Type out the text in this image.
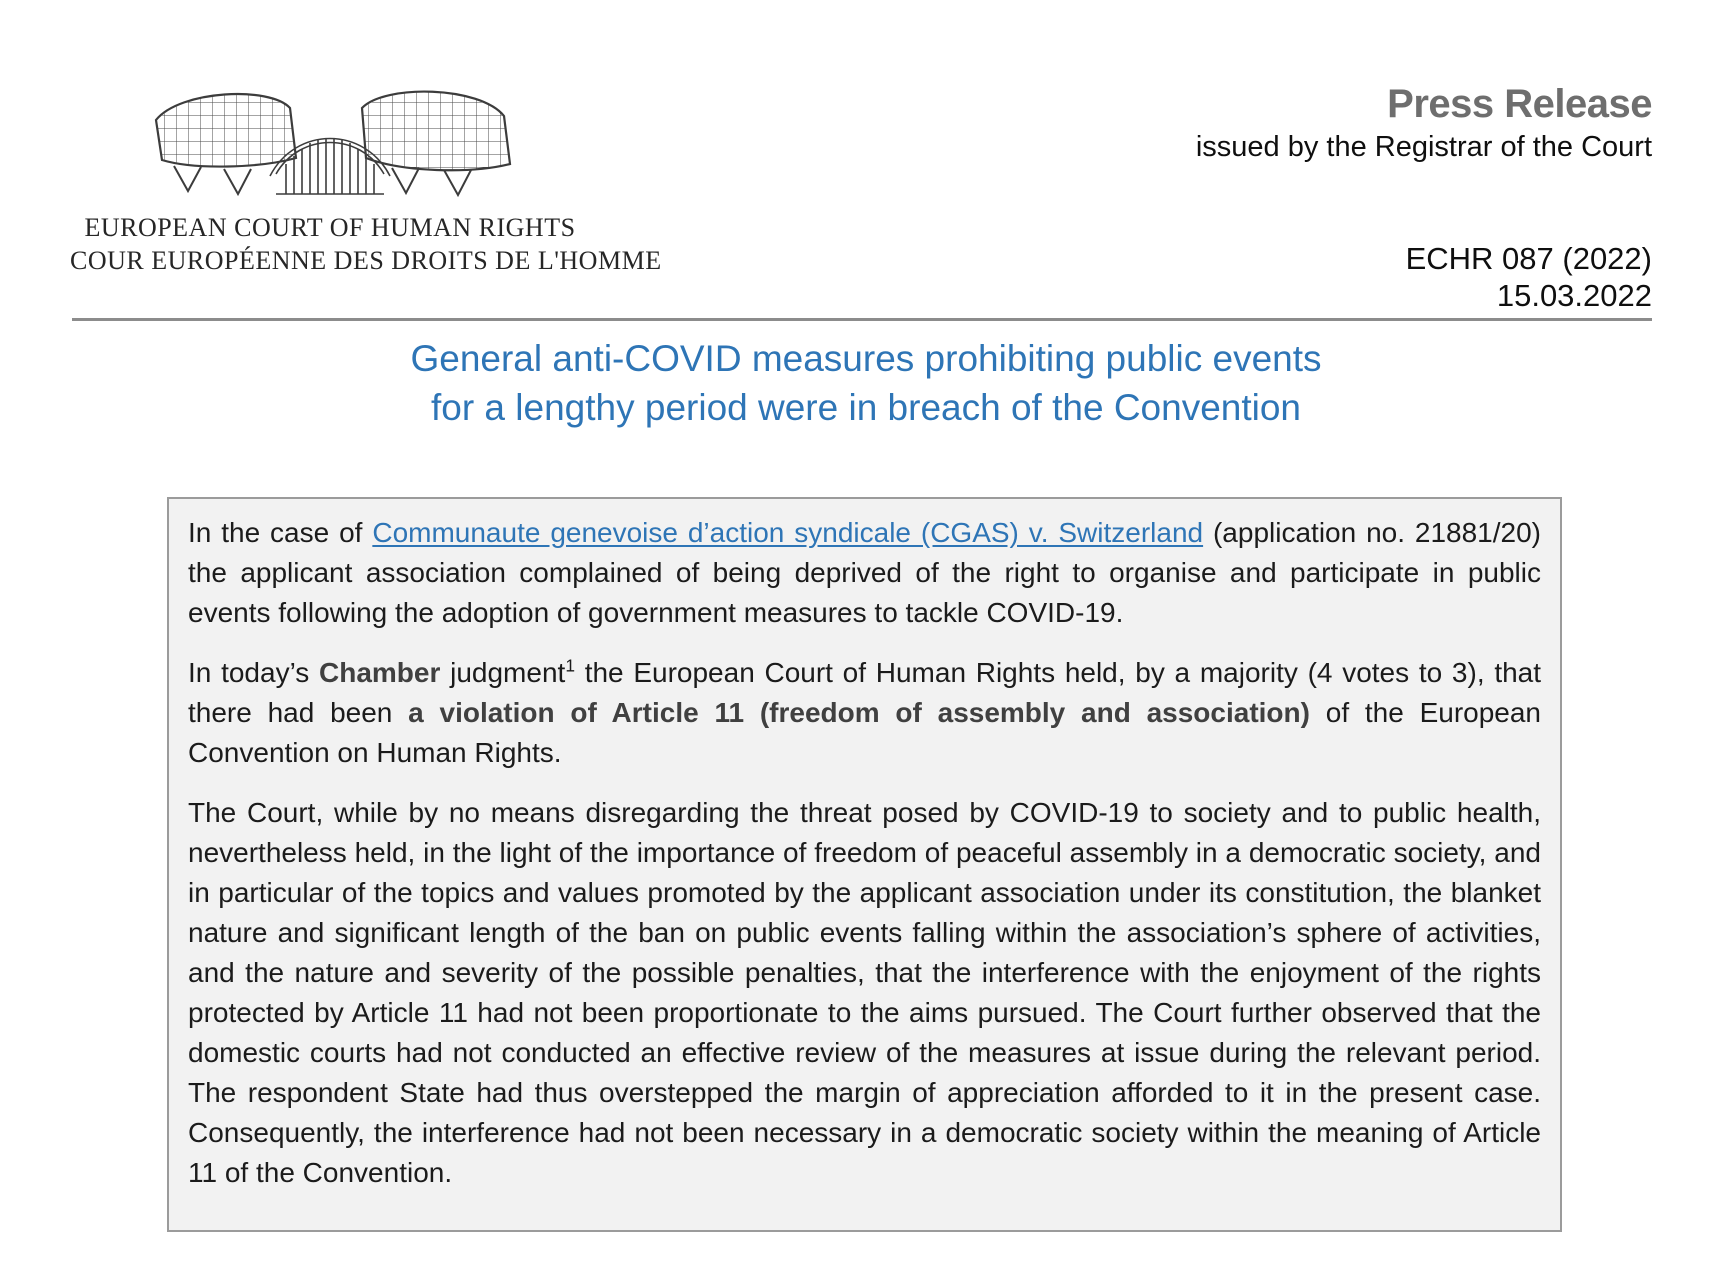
EUROPEAN COURT OF HUMAN RIGHTS
COUR EUROPÉENNE DES DROITS DE L'HOMME
Press Release
issued by the Registrar of the Court
ECHR 087 (2022)
15.03.2022
General anti-COVID measures prohibiting public events for a lengthy period were in breach of the Convention

In the case of Communaute genevoise d’action syndicale (CGAS) v. Switzerland (application no. 21881/20) the applicant association complained of being deprived of the right to organise and participate in public events following the adoption of government measures to tackle COVID-19.

In today’s Chamber judgment$^1$ the European Court of Human Rights held, by a majority (4 votes to 3), that there had been a violation of Article 11 (freedom of assembly and association) of the European Convention on Human Rights.

The Court, while by no means disregarding the threat posed by COVID-19 to society and to public health, nevertheless held, in the light of the importance of freedom of peaceful assembly in a democratic society, and in particular of the topics and values promoted by the applicant association under its constitution, the blanket nature and significant length of the ban on public events falling within the association’s sphere of activities, and the nature and severity of the possible penalties, that the interference with the enjoyment of the rights protected by Article 11 had not been proportionate to the aims pursued. The Court further observed that the domestic courts had not conducted an effective review of the measures at issue during the relevant period. The respondent State had thus overstepped the margin of appreciation afforded to it in the present case. Consequently, the interference had not been necessary in a democratic society within the meaning of Article 11 of the Convention.
